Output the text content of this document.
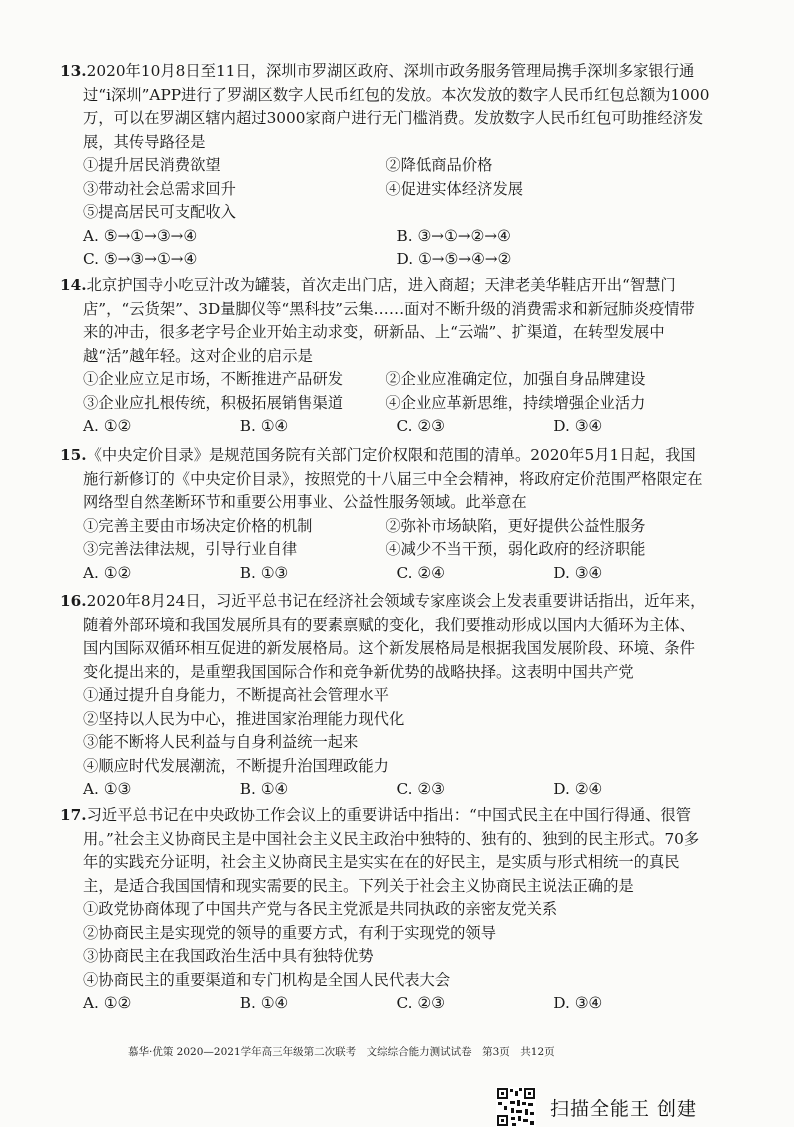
13.2020年10月8日至11日，深圳市罗湖区政府、深圳市政务服务管理局携手深圳多家银行通过“i深圳”APP进行了罗湖区数字人民币红包的发放。本次发放的数字人民币红包总额为1000万，可以在罗湖区辖内超过3000家商户进行无门槛消费。发放数字人民币红包可助推经济发展，其传导路径是

①提升居民消费欲望	②降低商品价格
③带动社会总需求回升	④促进实体经济发展
⑤提高居民可支配收入
A. ⑤→①→③→④	B. ③→①→②→④
C. ⑤→③→①→④	D. ①→⑤→④→②

14.北京护国寺小吃豆汁改为罐装，首次走出门店，进入商超；天津老美华鞋店开出“智慧门店”，“云货架”、3D量脚仪等“黑科技”云集……面对不断升级的消费需求和新冠肺炎疫情带来的冲击，很多老字号企业开始主动求变，研新品、上“云端”、扩渠道，在转型发展中越“活”越年轻。这对企业的启示是

①企业应立足市场，不断推进产品研发	②企业应准确定位，加强自身品牌建设
③企业应扎根传统，积极拓展销售渠道	④企业应革新思维，持续增强企业活力
A. ①②	B. ①④	C. ②③	D. ③④

15.《中央定价目录》是规范国务院有关部门定价权限和范围的清单。2020年5月1日起，我国施行新修订的《中央定价目录》，按照党的十八届三中全会精神，将政府定价范围严格限定在网络型自然垄断环节和重要公用事业、公益性服务领域。此举意在

①完善主要由市场决定价格的机制	②弥补市场缺陷，更好提供公益性服务
③完善法律法规，引导行业自律	④减少不当干预，弱化政府的经济职能
A. ①②	B. ①③	C. ②④	D. ③④

16.2020年8月24日，习近平总书记在经济社会领域专家座谈会上发表重要讲话指出，近年来，随着外部环境和我国发展所具有的要素禀赋的变化，我们要推动形成以国内大循环为主体、国内国际双循环相互促进的新发展格局。这个新发展格局是根据我国发展阶段、环境、条件变化提出来的，是重塑我国国际合作和竞争新优势的战略抉择。这表明中国共产党

①通过提升自身能力，不断提高社会管理水平
②坚持以人民为中心，推进国家治理能力现代化
③能不断将人民利益与自身利益统一起来
④顺应时代发展潮流，不断提升治国理政能力
A. ①③	B. ①④	C. ②③	D. ②④

17.习近平总书记在中央政协工作会议上的重要讲话中指出：“中国式民主在中国行得通、很管用。”社会主义协商民主是中国社会主义民主政治中独特的、独有的、独到的民主形式。70多年的实践充分证明，社会主义协商民主是实实在在的好民主，是实质与形式相统一的真民主，是适合我国国情和现实需要的民主。下列关于社会主义协商民主说法正确的是

①政党协商体现了中国共产党与各民主党派是共同执政的亲密友党关系
②协商民主是实现党的领导的重要方式，有利于实现党的领导
③协商民主在我国政治生活中具有独特优势
④协商民主的重要渠道和专门机构是全国人民代表大会
A. ①②	B. ①④	C. ②③	D. ③④
慕华·优策 2020—2021学年高三年级第二次联考　文综综合能力测试试卷　第3页　共12页
扫描全能王 创建
